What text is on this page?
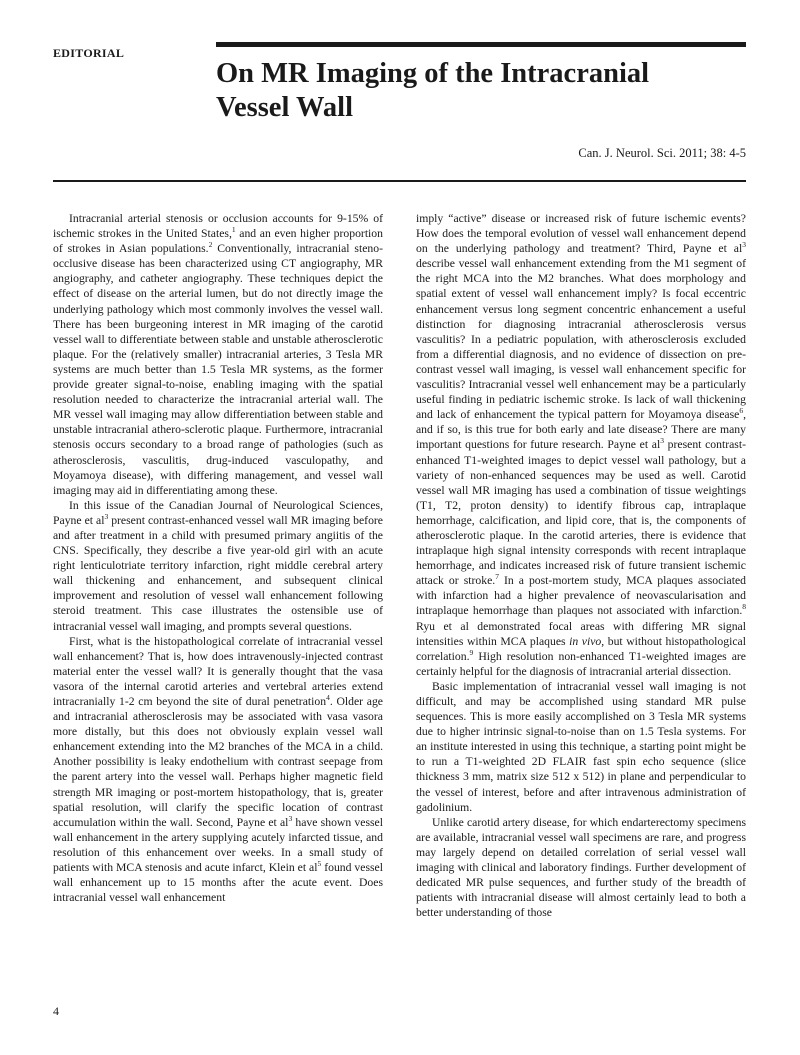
EDITORIAL
On MR Imaging of the Intracranial
Vessel Wall
Can. J. Neurol. Sci. 2011; 38: 4-5

Intracranial arterial stenosis or occlusion accounts for 9-15% of ischemic strokes in the United States,$^1$ and an even higher proportion of strokes in Asian populations.$^2$ Conventionally, intracranial steno-occlusive disease has been characterized using CT angiography, MR angiography, and catheter angiography. These techniques depict the effect of disease on the arterial lumen, but do not directly image the underlying pathology which most commonly involves the vessel wall. There has been burgeoning interest in MR imaging of the carotid vessel wall to differentiate between stable and unstable atherosclerotic plaque. For the (relatively smaller) intracranial arteries, 3 Tesla MR systems are much better than 1.5 Tesla MR systems, as the former provide greater signal-to-noise, enabling imaging with the spatial resolution needed to characterize the intracranial arterial wall. The MR vessel wall imaging may allow differentiation between stable and unstable intracranial athero-sclerotic plaque. Furthermore, intracranial stenosis occurs secondary to a broad range of pathologies (such as atherosclerosis, vasculitis, drug-induced vasculopathy, and Moyamoya disease), with differing management, and vessel wall imaging may aid in differentiating among these.

In this issue of the Canadian Journal of Neurological Sciences, Payne et $al^3$ present contrast-enhanced vessel wall MR imaging before and after treatment in a child with presumed primary angiitis of the CNS. Specifically, they describe a five year-old girl with an acute right lenticulotriate territory infarction, right middle cerebral artery wall thickening and enhancement, and subsequent clinical improvement and resolution of vessel wall enhancement following steroid treatment. This case illustrates the ostensible use of intracranial vessel wall imaging, and prompts several questions.

First, what is the histopathological correlate of intracranial vessel wall enhancement? That is, how does intravenously-injected contrast material enter the vessel wall? It is generally thought that the vasa vasora of the internal carotid arteries and vertebral arteries extend intracranially 1-2 cm beyond the site of dural penetration$^4$. Older age and intracranial atherosclerosis may be associated with vasa vasora more distally, but this does not obviously explain vessel wall enhancement extending into the M2 branches of the MCA in a child. Another possibility is leaky endothelium with contrast seepage from the parent artery into the vessel wall. Perhaps higher magnetic field strength MR imaging or post-mortem histopathology, that is, greater spatial resolution, will clarify the specific location of contrast accumulation within the wall. Second, Payne et $al^3$ have shown vessel wall enhancement in the artery supplying acutely infarcted tissue, and resolution of this enhancement over weeks. In a small study of patients with MCA stenosis and acute infarct, Klein et $al^5$ found vessel wall enhancement up to 15 months after the acute event. Does intracranial vessel wall enhancement

imply “active” disease or increased risk of future ischemic events? How does the temporal evolution of vessel wall enhancement depend on the underlying pathology and treatment? Third, Payne et $al^3$ describe vessel wall enhancement extending from the M1 segment of the right MCA into the M2 branches. What does morphology and spatial extent of vessel wall enhancement imply? Is focal eccentric enhancement versus long segment concentric enhancement a useful distinction for diagnosing intracranial atherosclerosis versus vasculitis? In a pediatric population, with atherosclerosis excluded from a differential diagnosis, and no evidence of dissection on pre-contrast vessel wall imaging, is vessel wall enhancement specific for vasculitis? Intracranial vessel well enhancement may be a particularly useful finding in pediatric ischemic stroke. Is lack of wall thickening and lack of enhancement the typical pattern for Moyamoya disease$^6$, and if so, is this true for both early and late disease? There are many important questions for future research. Payne et $al^3$ present contrast-enhanced T1-weighted images to depict vessel wall pathology, but a variety of non-enhanced sequences may be used as well. Carotid vessel wall MR imaging has used a combination of tissue weightings (T1, T2, proton density) to identify fibrous cap, intraplaque hemorrhage, calcification, and lipid core, that is, the components of atherosclerotic plaque. In the carotid arteries, there is evidence that intraplaque high signal intensity corresponds with recent intraplaque hemorrhage, and indicates increased risk of future transient ischemic attack or stroke.$^7$ In a post-mortem study, MCA plaques associated with infarction had a higher prevalence of neovascularisation and intraplaque hemorrhage than plaques not associated with infarction.$^8$ Ryu et al demonstrated focal areas with differing MR signal intensities within MCA plaques in vivo, but without histopathological correlation.$^9$ High resolution non-enhanced T1-weighted images are certainly helpful for the diagnosis of intracranial arterial dissection.

Basic implementation of intracranial vessel wall imaging is not difficult, and may be accomplished using standard MR pulse sequences. This is more easily accomplished on 3 Tesla MR systems due to higher intrinsic signal-to-noise than on 1.5 Tesla systems. For an institute interested in using this technique, a starting point might be to run a T1-weighted 2D FLAIR fast spin echo sequence (slice thickness 3 mm, matrix size 512 x 512) in plane and perpendicular to the vessel of interest, before and after intravenous administration of gadolinium.

Unlike carotid artery disease, for which endarterectomy specimens are available, intracranial vessel wall specimens are rare, and progress may largely depend on detailed correlation of serial vessel wall imaging with clinical and laboratory findings. Further development of dedicated MR pulse sequences, and further study of the breadth of patients with intracranial disease will almost certainly lead to both a better understanding of those

4
